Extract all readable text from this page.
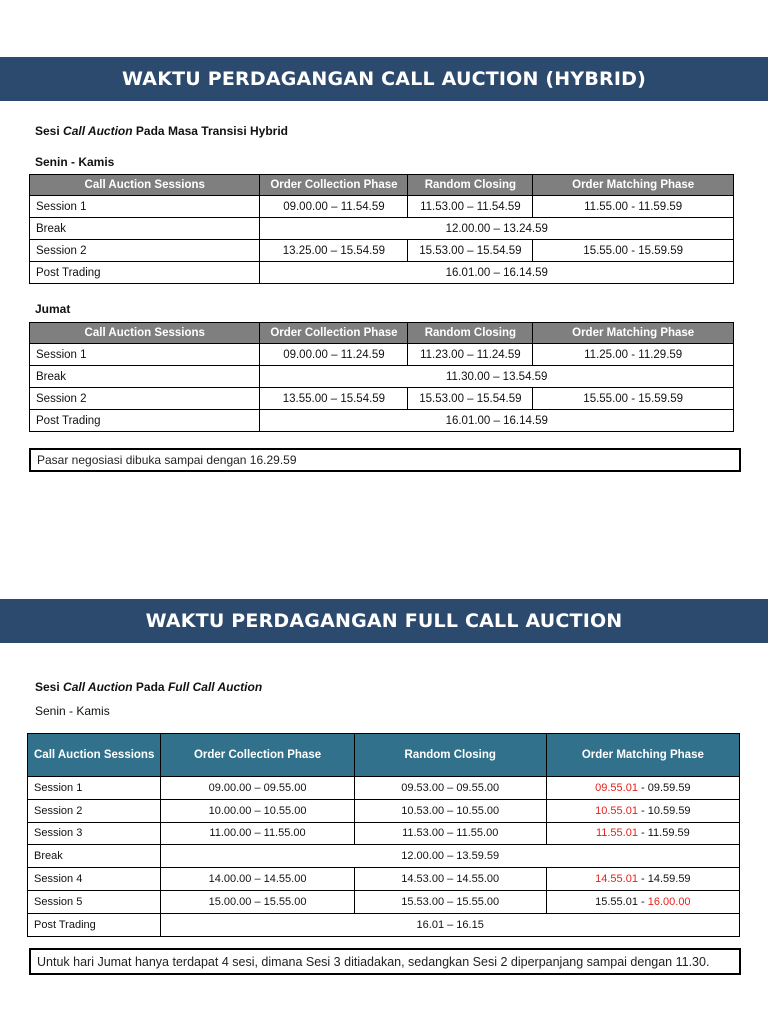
WAKTU PERDAGANGAN CALL AUCTION (HYBRID)
Sesi Call Auction Pada Masa Transisi Hybrid
Senin - Kamis
Call Auction Sessions	Order Collection Phase	Random Closing	Order Matching Phase
Session 1	09.00.00 – 11.54.59	11.53.00 – 11.54.59	11.55.00 - 11.59.59
Break	12.00.00 – 13.24.59		
Session 2	13.25.00 – 15.54.59	15.53.00 – 15.54.59	15.55.00 - 15.59.59
Post Trading	16.01.00 – 16.14.59		
Jumat
Call Auction Sessions	Order Collection Phase	Random Closing	Order Matching Phase
Session 1	09.00.00 – 11.24.59	11.23.00 – 11.24.59	11.25.00 - 11.29.59
Break	11.30.00 – 13.54.59		
Session 2	13.55.00 – 15.54.59	15.53.00 – 15.54.59	15.55.00 - 15.59.59
Post Trading	16.01.00 – 16.14.59		
Pasar negosiasi dibuka sampai dengan 16.29.59
WAKTU PERDAGANGAN FULL CALL AUCTION
Sesi Call Auction Pada Full Call Auction
Senin - Kamis
Call Auction Sessions	Order Collection Phase	Random Closing	Order Matching Phase
Session 1	09.00.00 – 09.55.00	09.53.00 – 09.55.00	09.55.01 - 09.59.59
Session 2	10.00.00 – 10.55.00	10.53.00 – 10.55.00	10.55.01 - 10.59.59
Session 3	11.00.00 – 11.55.00	11.53.00 – 11.55.00	11.55.01 - 11.59.59
Break	12.00.00 – 13.59.59		
Session 4	14.00.00 – 14.55.00	14.53.00 – 14.55.00	14.55.01 - 14.59.59
Session 5	15.00.00 – 15.55.00	15.53.00 – 15.55.00	15.55.01 - 16.00.00
Post Trading	16.01 – 16.15		
Untuk hari Jumat hanya terdapat 4 sesi, dimana Sesi 3 ditiadakan, sedangkan Sesi 2 diperpanjang sampai dengan 11.30.
